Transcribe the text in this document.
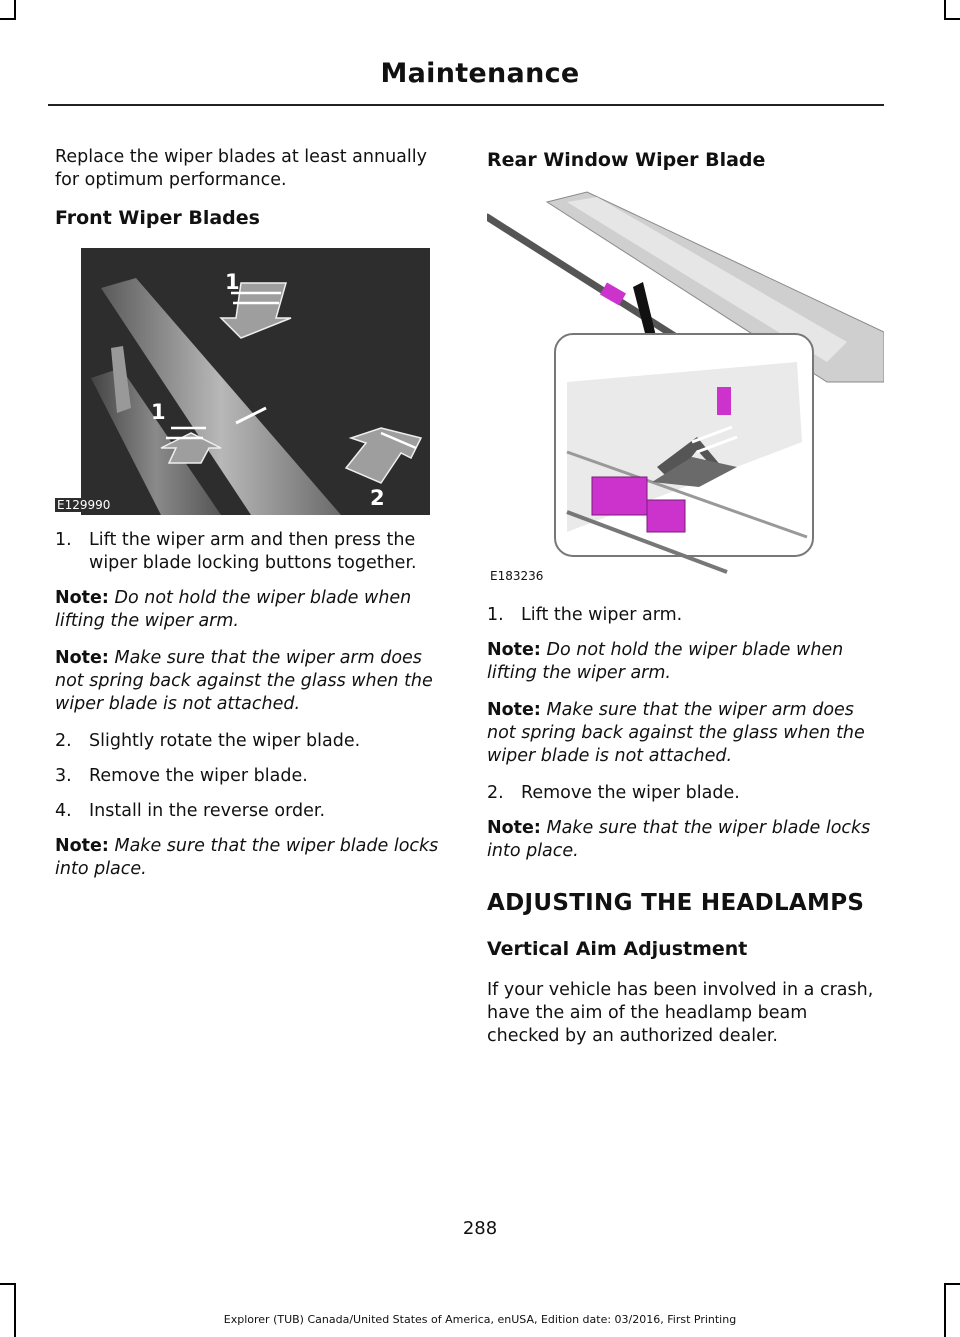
Maintenance

Replace the wiper blades at least annually for optimum performance.

Front Wiper Blades
1
1
2
E129990
1. Lift the wiper arm and then press the wiper blade locking buttons together.

Note: Do not hold the wiper blade when lifting the wiper arm.

Note: Make sure that the wiper arm does not spring back against the glass when the wiper blade is not attached.

2. Slightly rotate the wiper blade.
3. Remove the wiper blade.
4. Install in the reverse order.

Note: Make sure that the wiper blade locks into place.

Rear Window Wiper Blade
E183236
1. Lift the wiper arm.

Note: Do not hold the wiper blade when lifting the wiper arm.

Note: Make sure that the wiper arm does not spring back against the glass when the wiper blade is not attached.

2. Remove the wiper blade.

Note: Make sure that the wiper blade locks into place.

ADJUSTING THE HEADLAMPS
Vertical Aim Adjustment

If your vehicle has been involved in a crash, have the aim of the headlamp beam checked by an authorized dealer.

288
Explorer (TUB) Canada/United States of America, enUSA, Edition date: 03/2016, First Printing
